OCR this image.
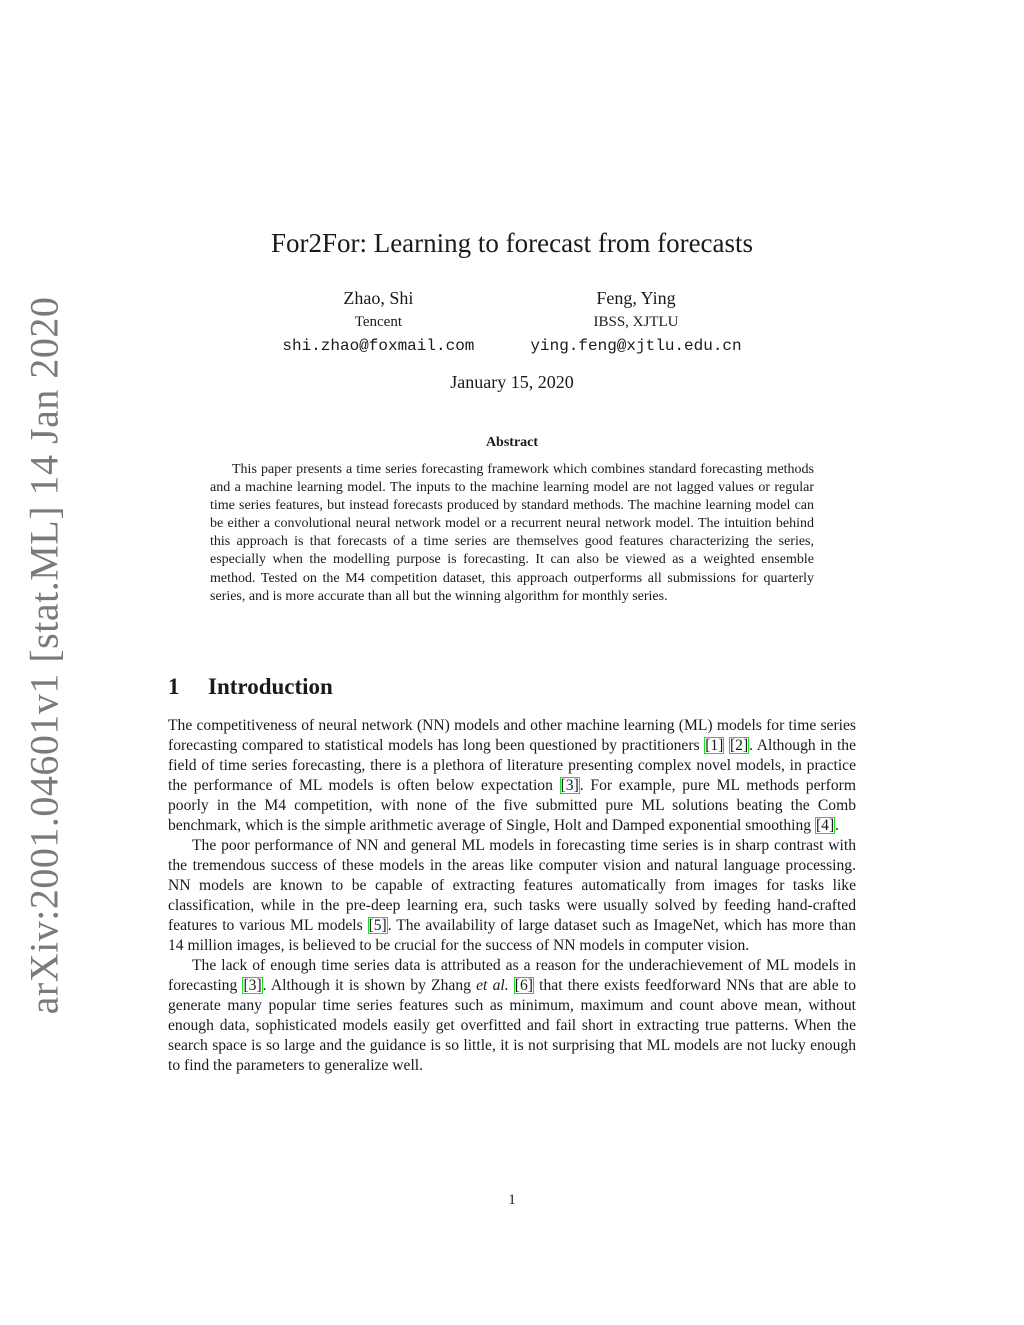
arXiv:2001.04601v1 [stat.ML] 14 Jan 2020
For2For: Learning to forecast from forecasts
Zhao, Shi
Tencent
shi.zhao@foxmail.com
Feng, Ying
IBSS, XJTLU
ying.feng@xjtlu.edu.cn
January 15, 2020
Abstract

This paper presents a time series forecasting framework which combines standard forecasting methods and a machine learning model. The inputs to the machine learning model are not lagged values or regular time series features, but instead forecasts produced by standard methods. The machine learning model can be either a convolutional neural network model or a recurrent neural network model. The intuition behind this approach is that forecasts of a time series are themselves good features characterizing the series, especially when the modelling purpose is forecasting. It can also be viewed as a weighted ensemble method. Tested on the M4 competition dataset, this approach outperforms all submissions for quarterly series, and is more accurate than all but the winning algorithm for monthly series.

1 Introduction

The competitiveness of neural network (NN) models and other machine learning (ML) models for time series forecasting compared to statistical models has long been questioned by practitioners [1] [2]. Although in the field of time series forecasting, there is a plethora of literature presenting complex novel models, in practice the performance of ML models is often below expectation [3]. For example, pure ML methods perform poorly in the M4 competition, with none of the five submitted pure ML solutions beating the Comb benchmark, which is the simple arithmetic average of Single, Holt and Damped exponential smoothing [4].

The poor performance of NN and general ML models in forecasting time series is in sharp contrast with the tremendous success of these models in the areas like computer vision and natural language processing. NN models are known to be capable of extracting features automatically from images for tasks like classification, while in the pre-deep learning era, such tasks were usually solved by feeding hand-crafted features to various ML models [5]. The availability of large dataset such as ImageNet, which has more than 14 million images, is believed to be crucial for the success of NN models in computer vision.

The lack of enough time series data is attributed as a reason for the underachievement of ML models in forecasting [3]. Although it is shown by Zhang et al. [6] that there exists feedforward NNs that are able to generate many popular time series features such as minimum, maximum and count above mean, without enough data, sophisticated models easily get overfitted and fail short in extracting true patterns. When the search space is so large and the guidance is so little, it is not surprising that ML models are not lucky enough to find the parameters to generalize well.

1
